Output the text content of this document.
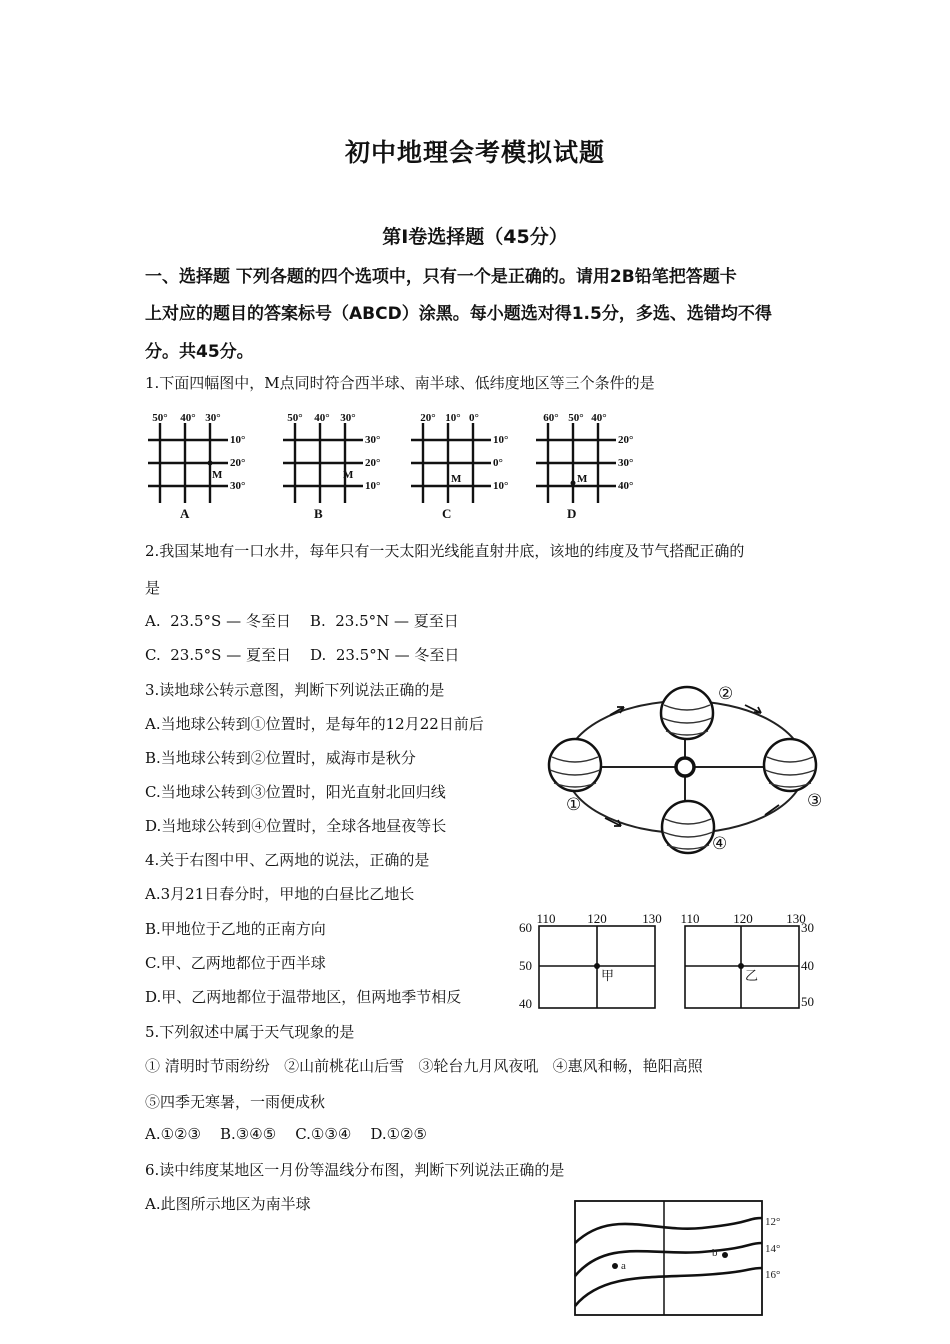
初中地理会考模拟试题
第Ⅰ卷选择题（45分）
一、选择题 下列各题的四个选项中，只有一个是正确的。请用2B铅笔把答题卡
上对应的题目的答案标号（ABCD）涂黑。每小题选对得1.5分，多选、选错均不得
分。共45分。
1.下面四幅图中，M点同时符合西半球、南半球、低纬度地区等三个条件的是
50° 40° 30°
10°
20°
30°
M
A
50° 40° 30°
30°
20°
10°
M
B
20° 10° 0°
10°
0°
10°
M
C
60° 50° 40°
20°
30°
40°
M
D
2.我国某地有一口水井，每年只有一天太阳光线能直射井底，该地的纬度及节气搭配正确的
是
A.  23.5°S — 冬至日    B.  23.5°N — 夏至日
C.  23.5°S — 夏至日    D.  23.5°N — 冬至日
3.读地球公转示意图，判断下列说法正确的是
A.当地球公转到①位置时，是每年的12月22日前后
B.当地球公转到②位置时，威海市是秋分
C.当地球公转到③位置时，阳光直射北回归线
D.当地球公转到④位置时，全球各地昼夜等长
①
②
③
④
4.关于右图中甲、乙两地的说法，正确的是
A.3月21日春分时，甲地的白昼比乙地长
B.甲地位于乙地的正南方向
C.甲、乙两地都位于西半球
D.甲、乙两地都位于温带地区，但两地季节相反
110 120	130
60
50
40
甲
110	120	130
30
40
50
乙
5.下列叙述中属于天气现象的是
① 清明时节雨纷纷   ②山前桃花山后雪   ③轮台九月风夜吼   ④惠风和畅，艳阳高照
⑤四季无寒暑，一雨便成秋
A.①②③    B.③④⑤    C.①③④    D.①②⑤
6.读中纬度某地区一月份等温线分布图，判断下列说法正确的是
A.此图所示地区为南半球
12°
14°
16°
a
b
